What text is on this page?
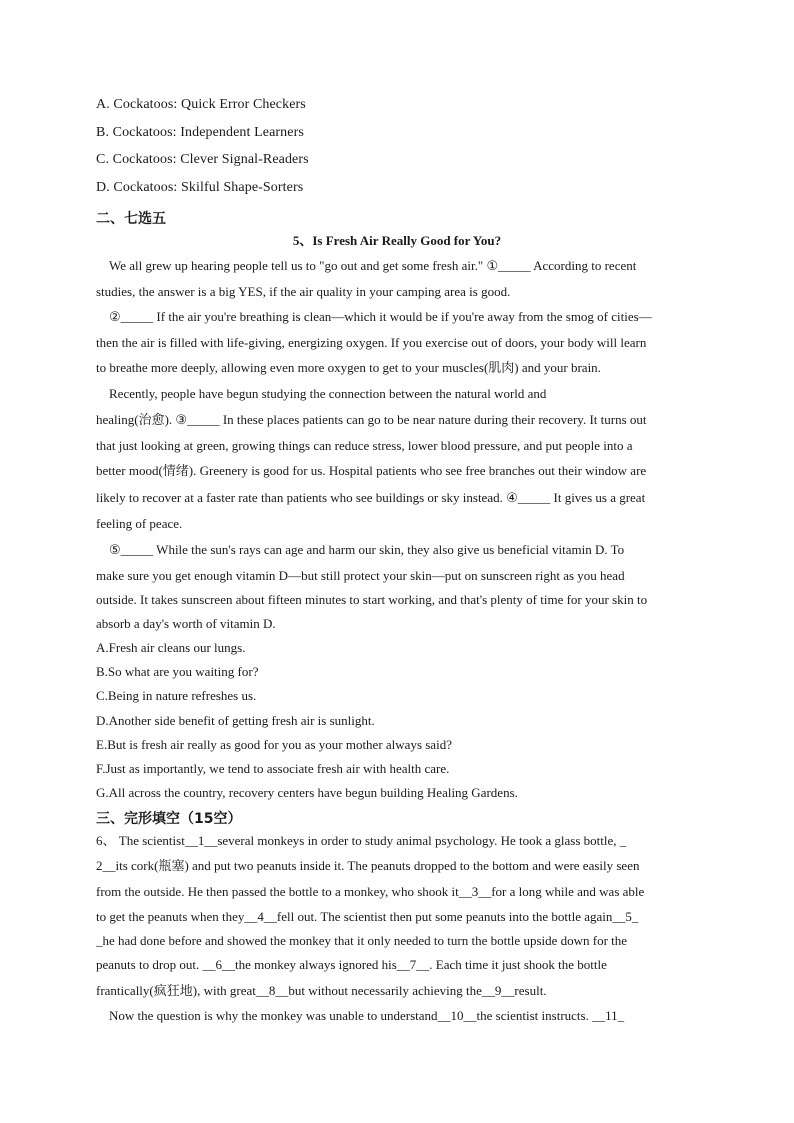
A. Cockatoos: Quick Error Checkers
B. Cockatoos: Independent Learners
C. Cockatoos: Clever Signal-Readers
D. Cockatoos: Skilful Shape-Sorters
二、七选五
5、Is Fresh Air Really Good for You?
We all grew up hearing people tell us to "go out and get some fresh air." ①_____ According to recent
studies, the answer is a big YES, if the air quality in your camping area is good.
②_____ If the air you're breathing is clean—which it would be if you're away from the smog of cities—
then the air is filled with life-giving, energizing oxygen. If you exercise out of doors, your body will learn
to breathe more deeply, allowing even more oxygen to get to your muscles(肌肉) and your brain.
Recently, people have begun studying the connection between the natural world and
healing(治愈). ③_____ In these places patients can go to be near nature during their recovery. It turns out
that just looking at green, growing things can reduce stress, lower blood pressure, and put people into a
better mood(情绪). Greenery is good for us. Hospital patients who see free branches out their window are
likely to recover at a faster rate than patients who see buildings or sky instead. ④_____ It gives us a great
feeling of peace.
⑤_____ While the sun's rays can age and harm our skin, they also give us beneficial vitamin D. To
make sure you get enough vitamin D—but still protect your skin—put on sunscreen right as you head
outside. It takes sunscreen about fifteen minutes to start working, and that's plenty of time for your skin to
absorb a day's worth of vitamin D.
A.Fresh air cleans our lungs.
B.So what are you waiting for?
C.Being in nature refreshes us.
D.Another side benefit of getting fresh air is sunlight.
E.But is fresh air really as good for you as your mother always said?
F.Just as importantly, we tend to associate fresh air with health care.
G.All across the country, recovery centers have begun building Healing Gardens.
三、完形填空（15空）
6、 The scientist__1__several monkeys in order to study animal psychology. He took a glass bottle, _
2__its cork(瓶塞) and put two peanuts inside it. The peanuts dropped to the bottom and were easily seen
from the outside. He then passed the bottle to a monkey, who shook it__3__for a long while and was able
to get the peanuts when they__4__fell out. The scientist then put some peanuts into the bottle again__5_
_he had done before and showed the monkey that it only needed to turn the bottle upside down for the
peanuts to drop out. __6__the monkey always ignored his__7__. Each time it just shook the bottle
frantically(疯狂地), with great__8__but without necessarily achieving the__9__result.
Now the question is why the monkey was unable to understand__10__the scientist instructs. __11_
